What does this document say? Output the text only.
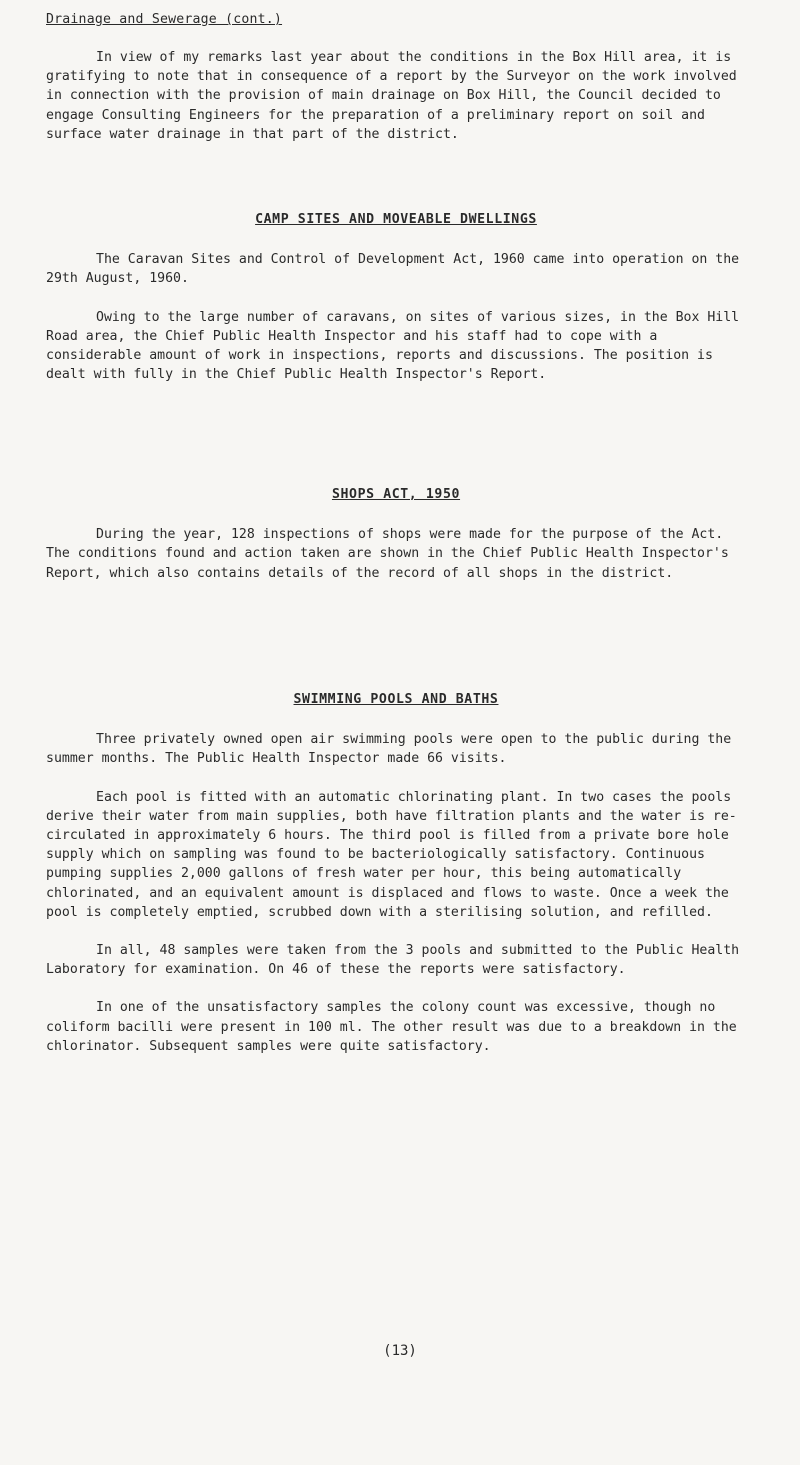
Drainage and Sewerage (cont.)

In view of my remarks last year about the conditions in the Box Hill area, it is gratifying to note that in consequence of a report by the Surveyor on the work involved in connection with the provision of main drainage on Box Hill, the Council decided to engage Consulting Engineers for the preparation of a preliminary report on soil and surface water drainage in that part of the district.

CAMP SITES AND MOVEABLE DWELLINGS

The Caravan Sites and Control of Development Act, 1960 came into operation on the 29th August, 1960.

Owing to the large number of caravans, on sites of various sizes, in the Box Hill Road area, the Chief Public Health Inspector and his staff had to cope with a considerable amount of work in inspections, reports and discussions. The position is dealt with fully in the Chief Public Health Inspector's Report.

SHOPS ACT, 1950

During the year, 128 inspections of shops were made for the purpose of the Act. The conditions found and action taken are shown in the Chief Public Health Inspector's Report, which also contains details of the record of all shops in the district.

SWIMMING POOLS AND BATHS

Three privately owned open air swimming pools were open to the public during the summer months. The Public Health Inspector made 66 visits.

Each pool is fitted with an automatic chlorinating plant. In two cases the pools derive their water from main supplies, both have filtration plants and the water is re-circulated in approximately 6 hours. The third pool is filled from a private bore hole supply which on sampling was found to be bacteriologically satisfactory. Continuous pumping supplies 2,000 gallons of fresh water per hour, this being automatically chlorinated, and an equivalent amount is displaced and flows to waste. Once a week the pool is completely emptied, scrubbed down with a sterilising solution, and refilled.

In all, 48 samples were taken from the 3 pools and submitted to the Public Health Laboratory for examination. On 46 of these the reports were satisfactory.

In one of the unsatisfactory samples the colony count was excessive, though no coliform bacilli were present in 100 ml. The other result was due to a breakdown in the chlorinator. Subsequent samples were quite satisfactory.

(13)
